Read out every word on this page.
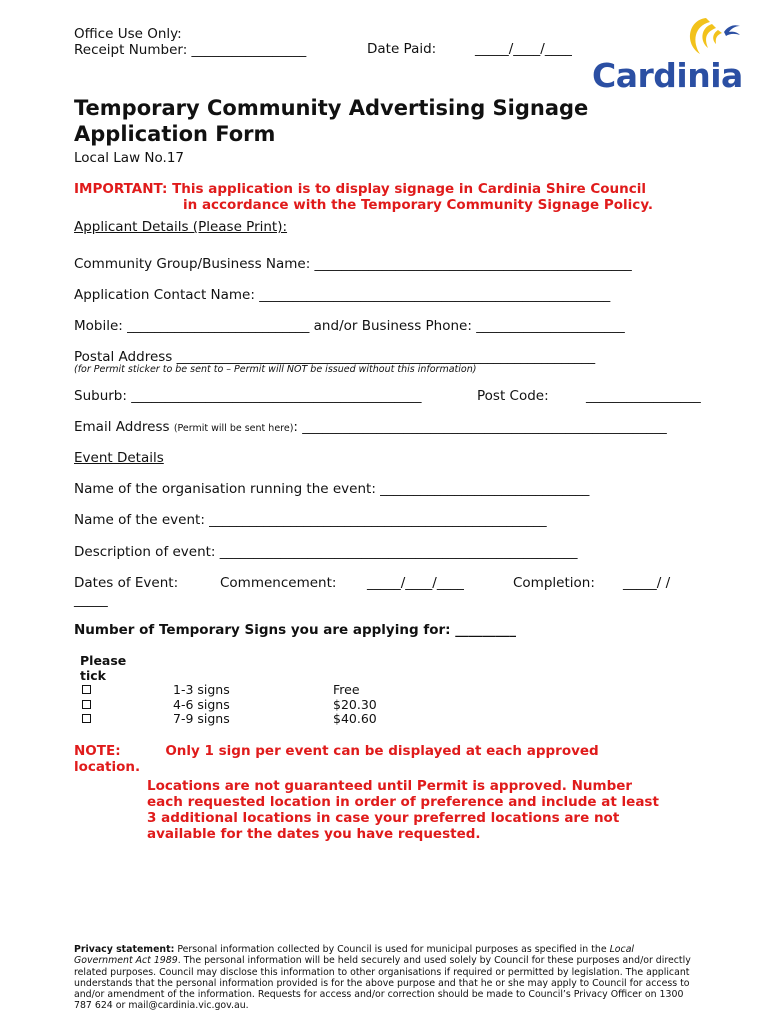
Office Use Only:
Receipt Number: _________________	Date Paid:	_____/____/____
Cardinia
Temporary Community Advertising Signage
Application Form
Local Law No.17
IMPORTANT: This application is to display signage in Cardinia Shire Council
in accordance with the Temporary Community Signage Policy.
Applicant Details (Please Print):
Community Group/Business Name: _______________________________________________
Application Contact Name: ____________________________________________________
Mobile: ___________________________ and/or Business Phone: ______________________
Postal Address ______________________________________________________________
(for Permit sticker to be sent to – Permit will NOT be issued without this information)
Suburb: ___________________________________________	Post Code:	_________________
Email Address (Permit will be sent here): ______________________________________________________
Event Details
Name of the organisation running the event: _______________________________
Name of the event: __________________________________________________
Description of event: _____________________________________________________
Dates of Event:	Commencement: _____/____/____	Completion: _____/ /
_____
Number of Temporary Signs you are applying for: _________
Please
tick
1-3 signs	Free
4-6 signs	$20.30
7-9 signs	$40.60
NOTE:	Only 1 sign per event can be displayed at each approved
location.
Locations are not guaranteed until Permit is approved. Number
each requested location in order of preference and include at least
3 additional locations in case your preferred locations are not
available for the dates you have requested.
Privacy statement: Personal information collected by Council is used for municipal purposes as specified in the Local Government Act 1989. The personal information will be held securely and used solely by Council for these purposes and/or directly related purposes. Council may disclose this information to other organisations if required or permitted by legislation. The applicant understands that the personal information provided is for the above purpose and that he or she may apply to Council for access to and/or amendment of the information. Requests for access and/or correction should be made to Council’s Privacy Officer on 1300 787 624 or mail@cardinia.vic.gov.au.
